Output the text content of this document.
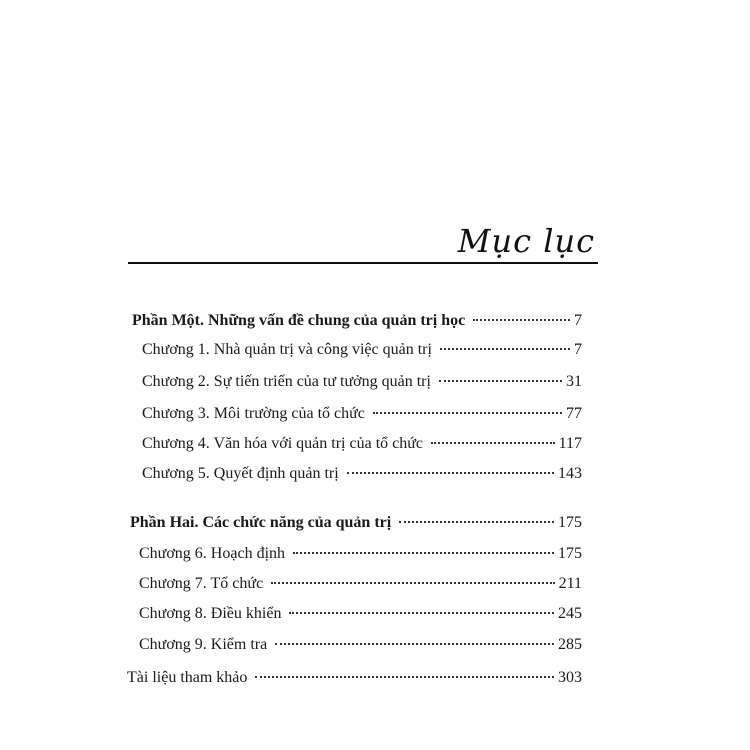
Mục lục
Phần Một. Những vấn đề chung của quản trị học	7
Chương 1. Nhà quản trị và công việc quản trị	7
Chương 2. Sự tiến triển của tư tưởng quản trị	31
Chương 3. Môi trường của tổ chức	77
Chương 4. Văn hóa với quản trị của tổ chức	117
Chương 5. Quyết định quản trị	143
Phần Hai. Các chức năng của quản trị	175
Chương 6. Hoạch định	175
Chương 7. Tổ chức	211
Chương 8. Điều khiển	245
Chương 9. Kiểm tra	285
Tài liệu tham khảo	303
